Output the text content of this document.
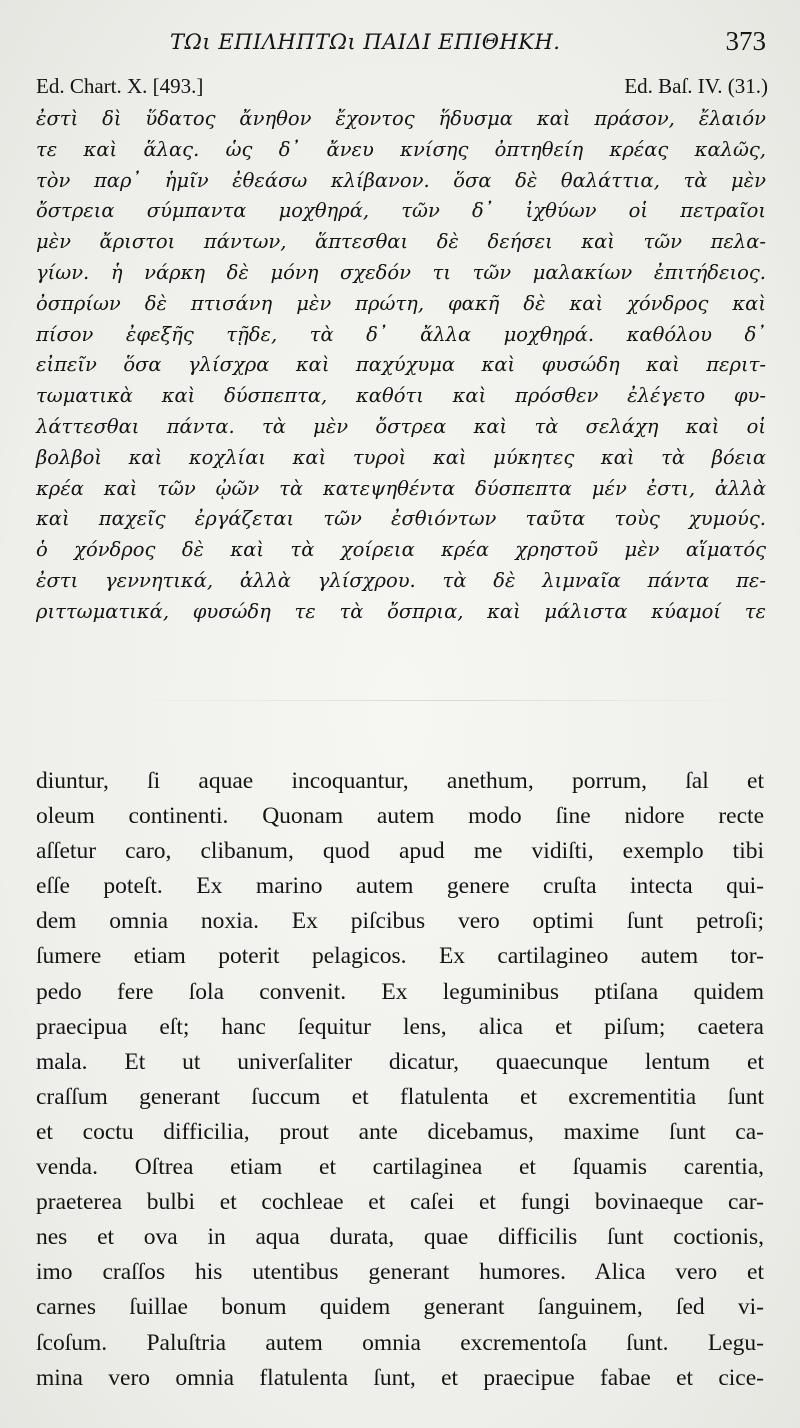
ΤΩι ΕΠΙΛΗΠΤΩι ΠΑΙΔΙ ΕΠΙΘΗΚΗ.	373
Ed. Chart. X. [493.]	Ed. Baſ. IV. (31.)
ἐστὶ δὶ ὕδατος ἄνηθον ἔχοντος ἥδυσμα καὶ πράσον, ἔλαιόν
τε καὶ ἅλας. ὡς δ᾽ ἄνευ κνίσης ὀπτηθείη κρέας καλῶς,
τὸν παρ᾽ ἡμῖν ἐθεάσω κλίβανον. ὅσα δὲ θαλάττια, τὰ μὲν
ὄστρεια σύμπαντα μοχθηρά, τῶν δ᾽ ἰχθύων οἱ πετραῖοι
μὲν ἄριστοι πάντων, ἅπτεσθαι δὲ δεήσει καὶ τῶν πελα-
γίων. ἡ νάρκη δὲ μόνη σχεδόν τι τῶν μαλακίων ἐπιτήδειος.
ὀσπρίων δὲ πτισάνη μὲν πρώτη, φακῆ δὲ καὶ χόνδρος καὶ
πίσον ἐφεξῆς τῇδε, τὰ δ᾽ ἄλλα μοχθηρά. καθόλου δ᾽
εἰπεῖν ὅσα γλίσχρα καὶ παχύχυμα καὶ φυσώδη καὶ περιτ-
τωματικὰ καὶ δύσπεπτα, καθότι καὶ πρόσθεν ἐλέγετο φυ-
λάττεσθαι πάντα. τὰ μὲν ὄστρεα καὶ τὰ σελάχη καὶ οἱ
βολβοὶ καὶ κοχλίαι καὶ τυροὶ καὶ μύκητες καὶ τὰ βόεια
κρέα καὶ τῶν ᾠῶν τὰ κατεψηθέντα δύσπεπτα μέν ἐστι, ἀλλὰ
καὶ παχεῖς ἐργάζεται τῶν ἐσθιόντων ταῦτα τοὺς χυμούς.
ὁ χόνδρος δὲ καὶ τὰ χοίρεια κρέα χρηστοῦ μὲν αἵματός
ἐστι γεννητικά, ἀλλὰ γλίσχρου. τὰ δὲ λιμναῖα πάντα πε-
ριττωματικά, φυσώδη τε τὰ ὄσπρια, καὶ μάλιστα κύαμοί τε
diuntur, ſi aquae incoquantur, anethum, porrum, ſal et
oleum continenti. Quonam autem modo ſine nidore recte
aſſetur caro, clibanum, quod apud me vidiſti, exemplo tibi
eſſe poteſt. Ex marino autem genere cruſta intecta qui-
dem omnia noxia. Ex piſcibus vero optimi ſunt petroſi;
ſumere etiam poterit pelagicos. Ex cartilagineo autem tor-
pedo fere ſola convenit. Ex leguminibus ptiſana quidem
praecipua eſt; hanc ſequitur lens, alica et piſum; caetera
mala. Et ut univerſaliter dicatur, quaecunque lentum et
craſſum generant ſuccum et flatulenta et excrementitia ſunt
et coctu difficilia, prout ante dicebamus, maxime ſunt ca-
venda. Oſtrea etiam et cartilaginea et ſquamis carentia,
praeterea bulbi et cochleae et caſei et fungi bovinaeque car-
nes et ova in aqua durata, quae difficilis ſunt coctionis,
imo craſſos his utentibus generant humores. Alica vero et
carnes ſuillae bonum quidem generant ſanguinem, ſed vi-
ſcoſum. Paluſtria autem omnia excrementoſa ſunt. Legu-
mina vero omnia flatulenta ſunt, et praecipue fabae et cice-
